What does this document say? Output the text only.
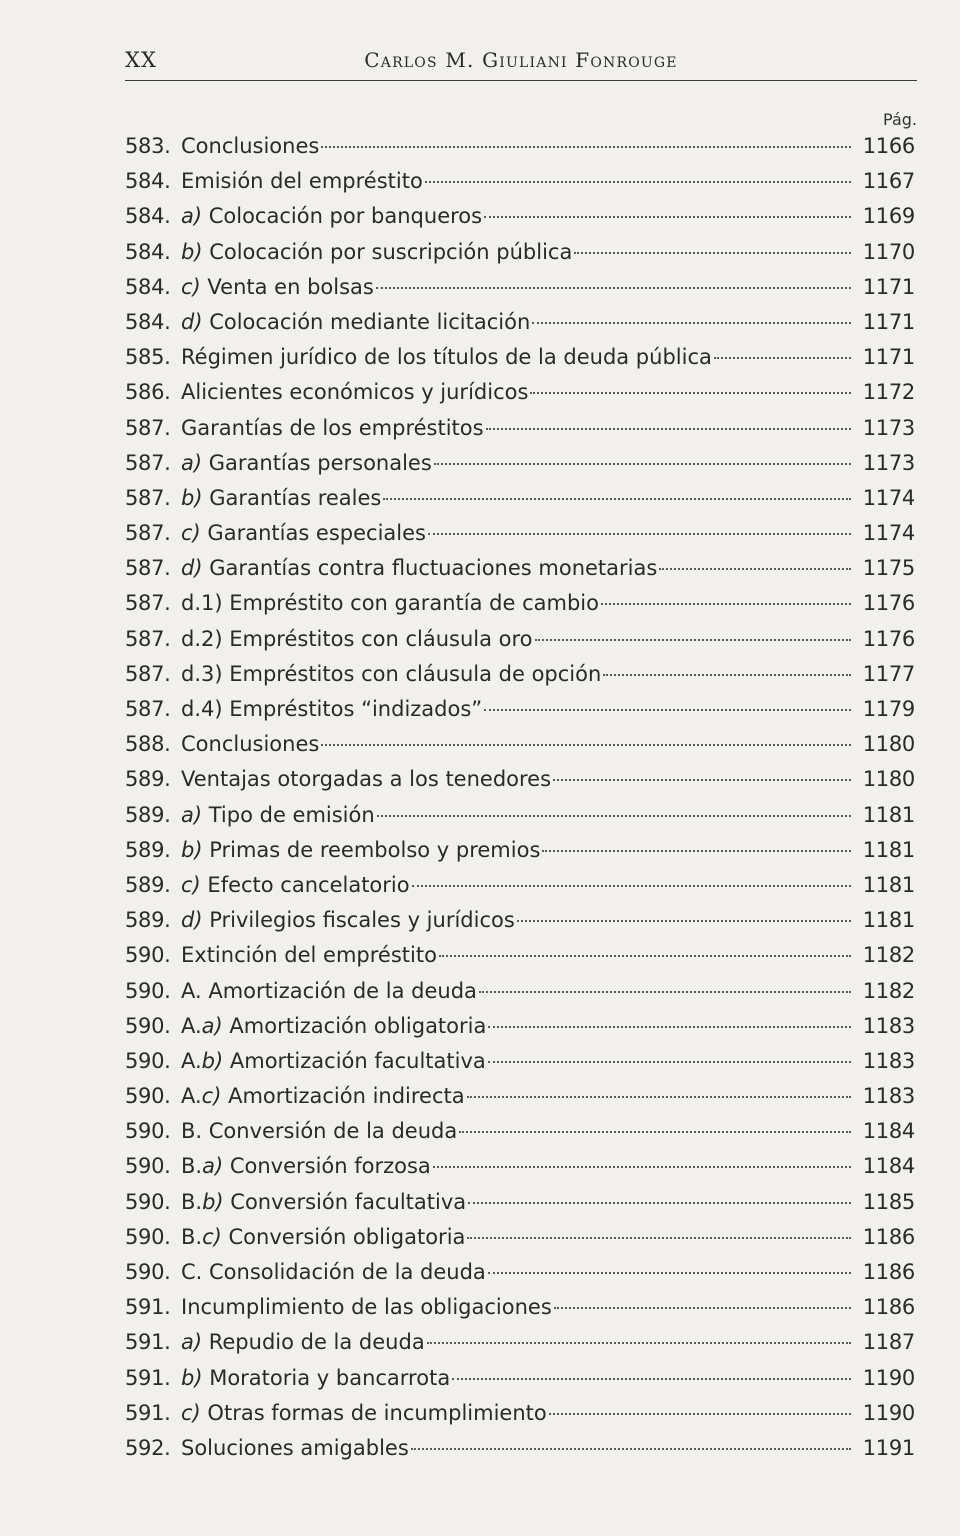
XX	Carlos M. Giuliani Fonrouge
Pág.
583. Conclusiones	1166
584. Emisión del empréstito	1167
584. a) Colocación por banqueros	1169
584. b) Colocación por suscripción pública	1170
584. c) Venta en bolsas	1171
584. d) Colocación mediante licitación	1171
585. Régimen jurídico de los títulos de la deuda pública	1171
586. Alicientes económicos y jurídicos	1172
587. Garantías de los empréstitos	1173
587. a) Garantías personales	1173
587. b) Garantías reales	1174
587. c) Garantías especiales	1174
587. d) Garantías contra fluctuaciones monetarias	1175
587. d.1) Empréstito con garantía de cambio	1176
587. d.2) Empréstitos con cláusula oro	1176
587. d.3) Empréstitos con cláusula de opción	1177
587. d.4) Empréstitos “indizados”	1179
588. Conclusiones	1180
589. Ventajas otorgadas a los tenedores	1180
589. a) Tipo de emisión	1181
589. b) Primas de reembolso y premios	1181
589. c) Efecto cancelatorio	1181
589. d) Privilegios fiscales y jurídicos	1181
590. Extinción del empréstito	1182
590. A. Amortización de la deuda	1182
590. A.a) Amortización obligatoria	1183
590. A.b) Amortización facultativa	1183
590. A.c) Amortización indirecta	1183
590. B. Conversión de la deuda	1184
590. B.a) Conversión forzosa	1184
590. B.b) Conversión facultativa	1185
590. B.c) Conversión obligatoria	1186
590. C. Consolidación de la deuda	1186
591. Incumplimiento de las obligaciones	1186
591. a) Repudio de la deuda	1187
591. b) Moratoria y bancarrota	1190
591. c) Otras formas de incumplimiento	1190
592. Soluciones amigables	1191
